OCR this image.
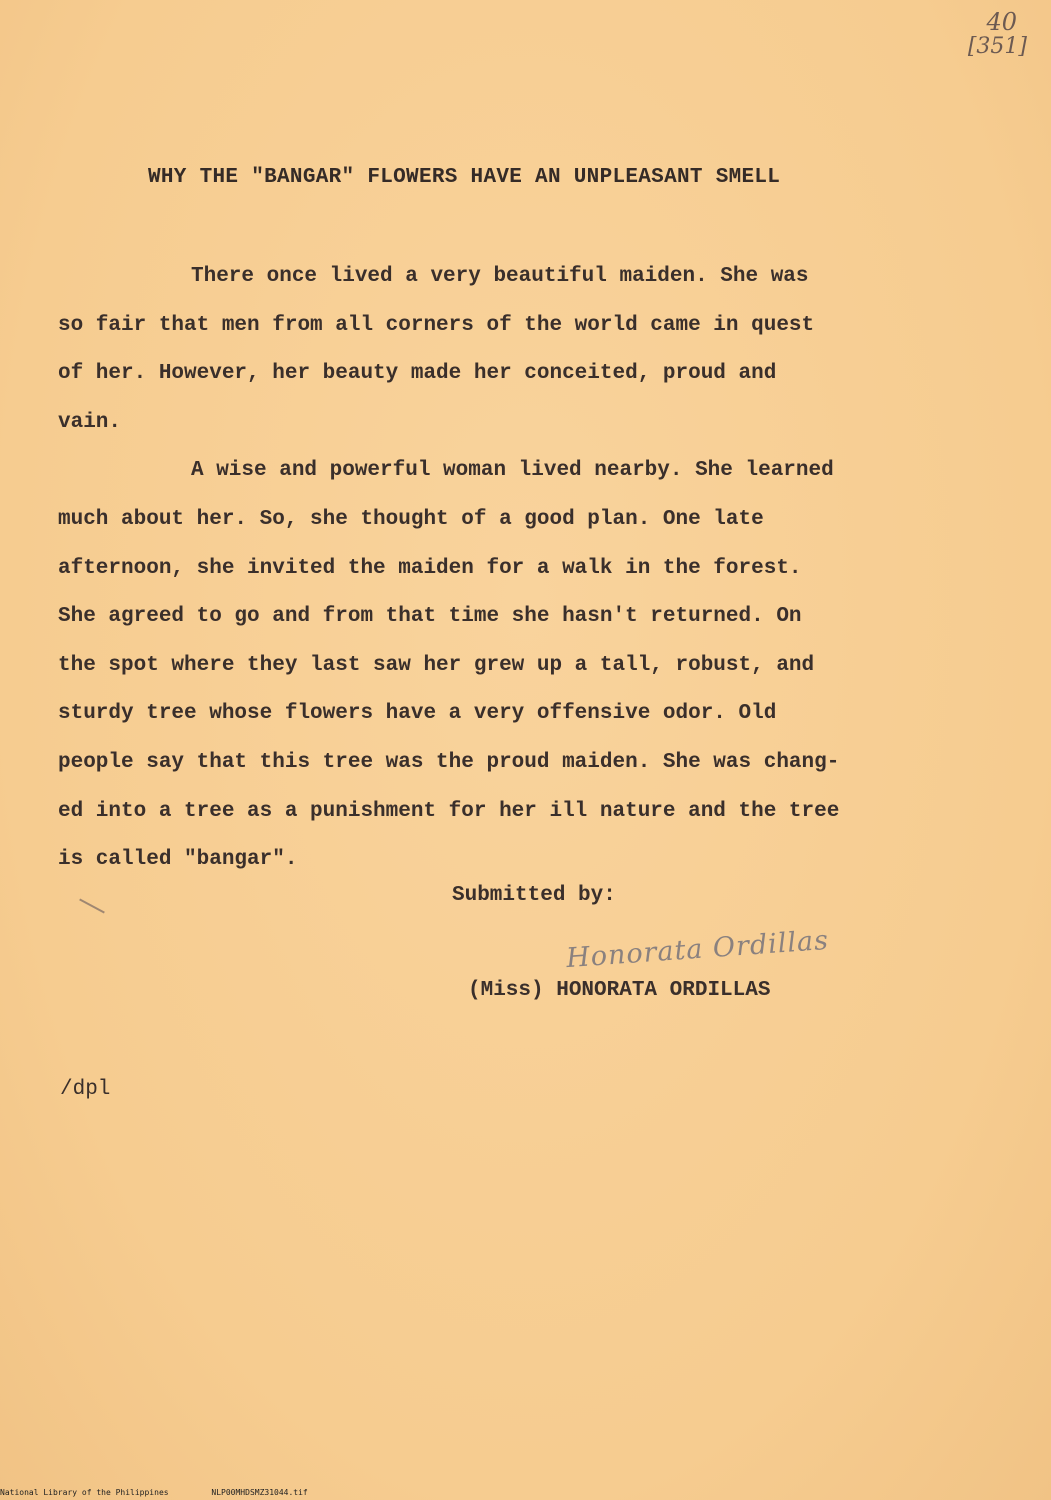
40
[351]
WHY THE "BANGAR" FLOWERS HAVE AN UNPLEASANT SMELL
There once lived a very beautiful maiden. She was
so fair that men from all corners of the world came in quest
of her. However, her beauty made her conceited, proud and
vain.
A wise and powerful woman lived nearby. She learned
much about her. So, she thought of a good plan. One late
afternoon, she invited the maiden for a walk in the forest.
She agreed to go and from that time she hasn't returned. On
the spot where they last saw her grew up a tall, robust, and
sturdy tree whose flowers have a very offensive odor. Old
people say that this tree was the proud maiden. She was chang-
ed into a tree as a punishment for her ill nature and the tree
is called "bangar".
Submitted by:
Honorata Ordillas
(Miss) HONORATA ORDILLAS
/dpl
National Library of the Philippines	NLP00MHDSMZ31044.tif
